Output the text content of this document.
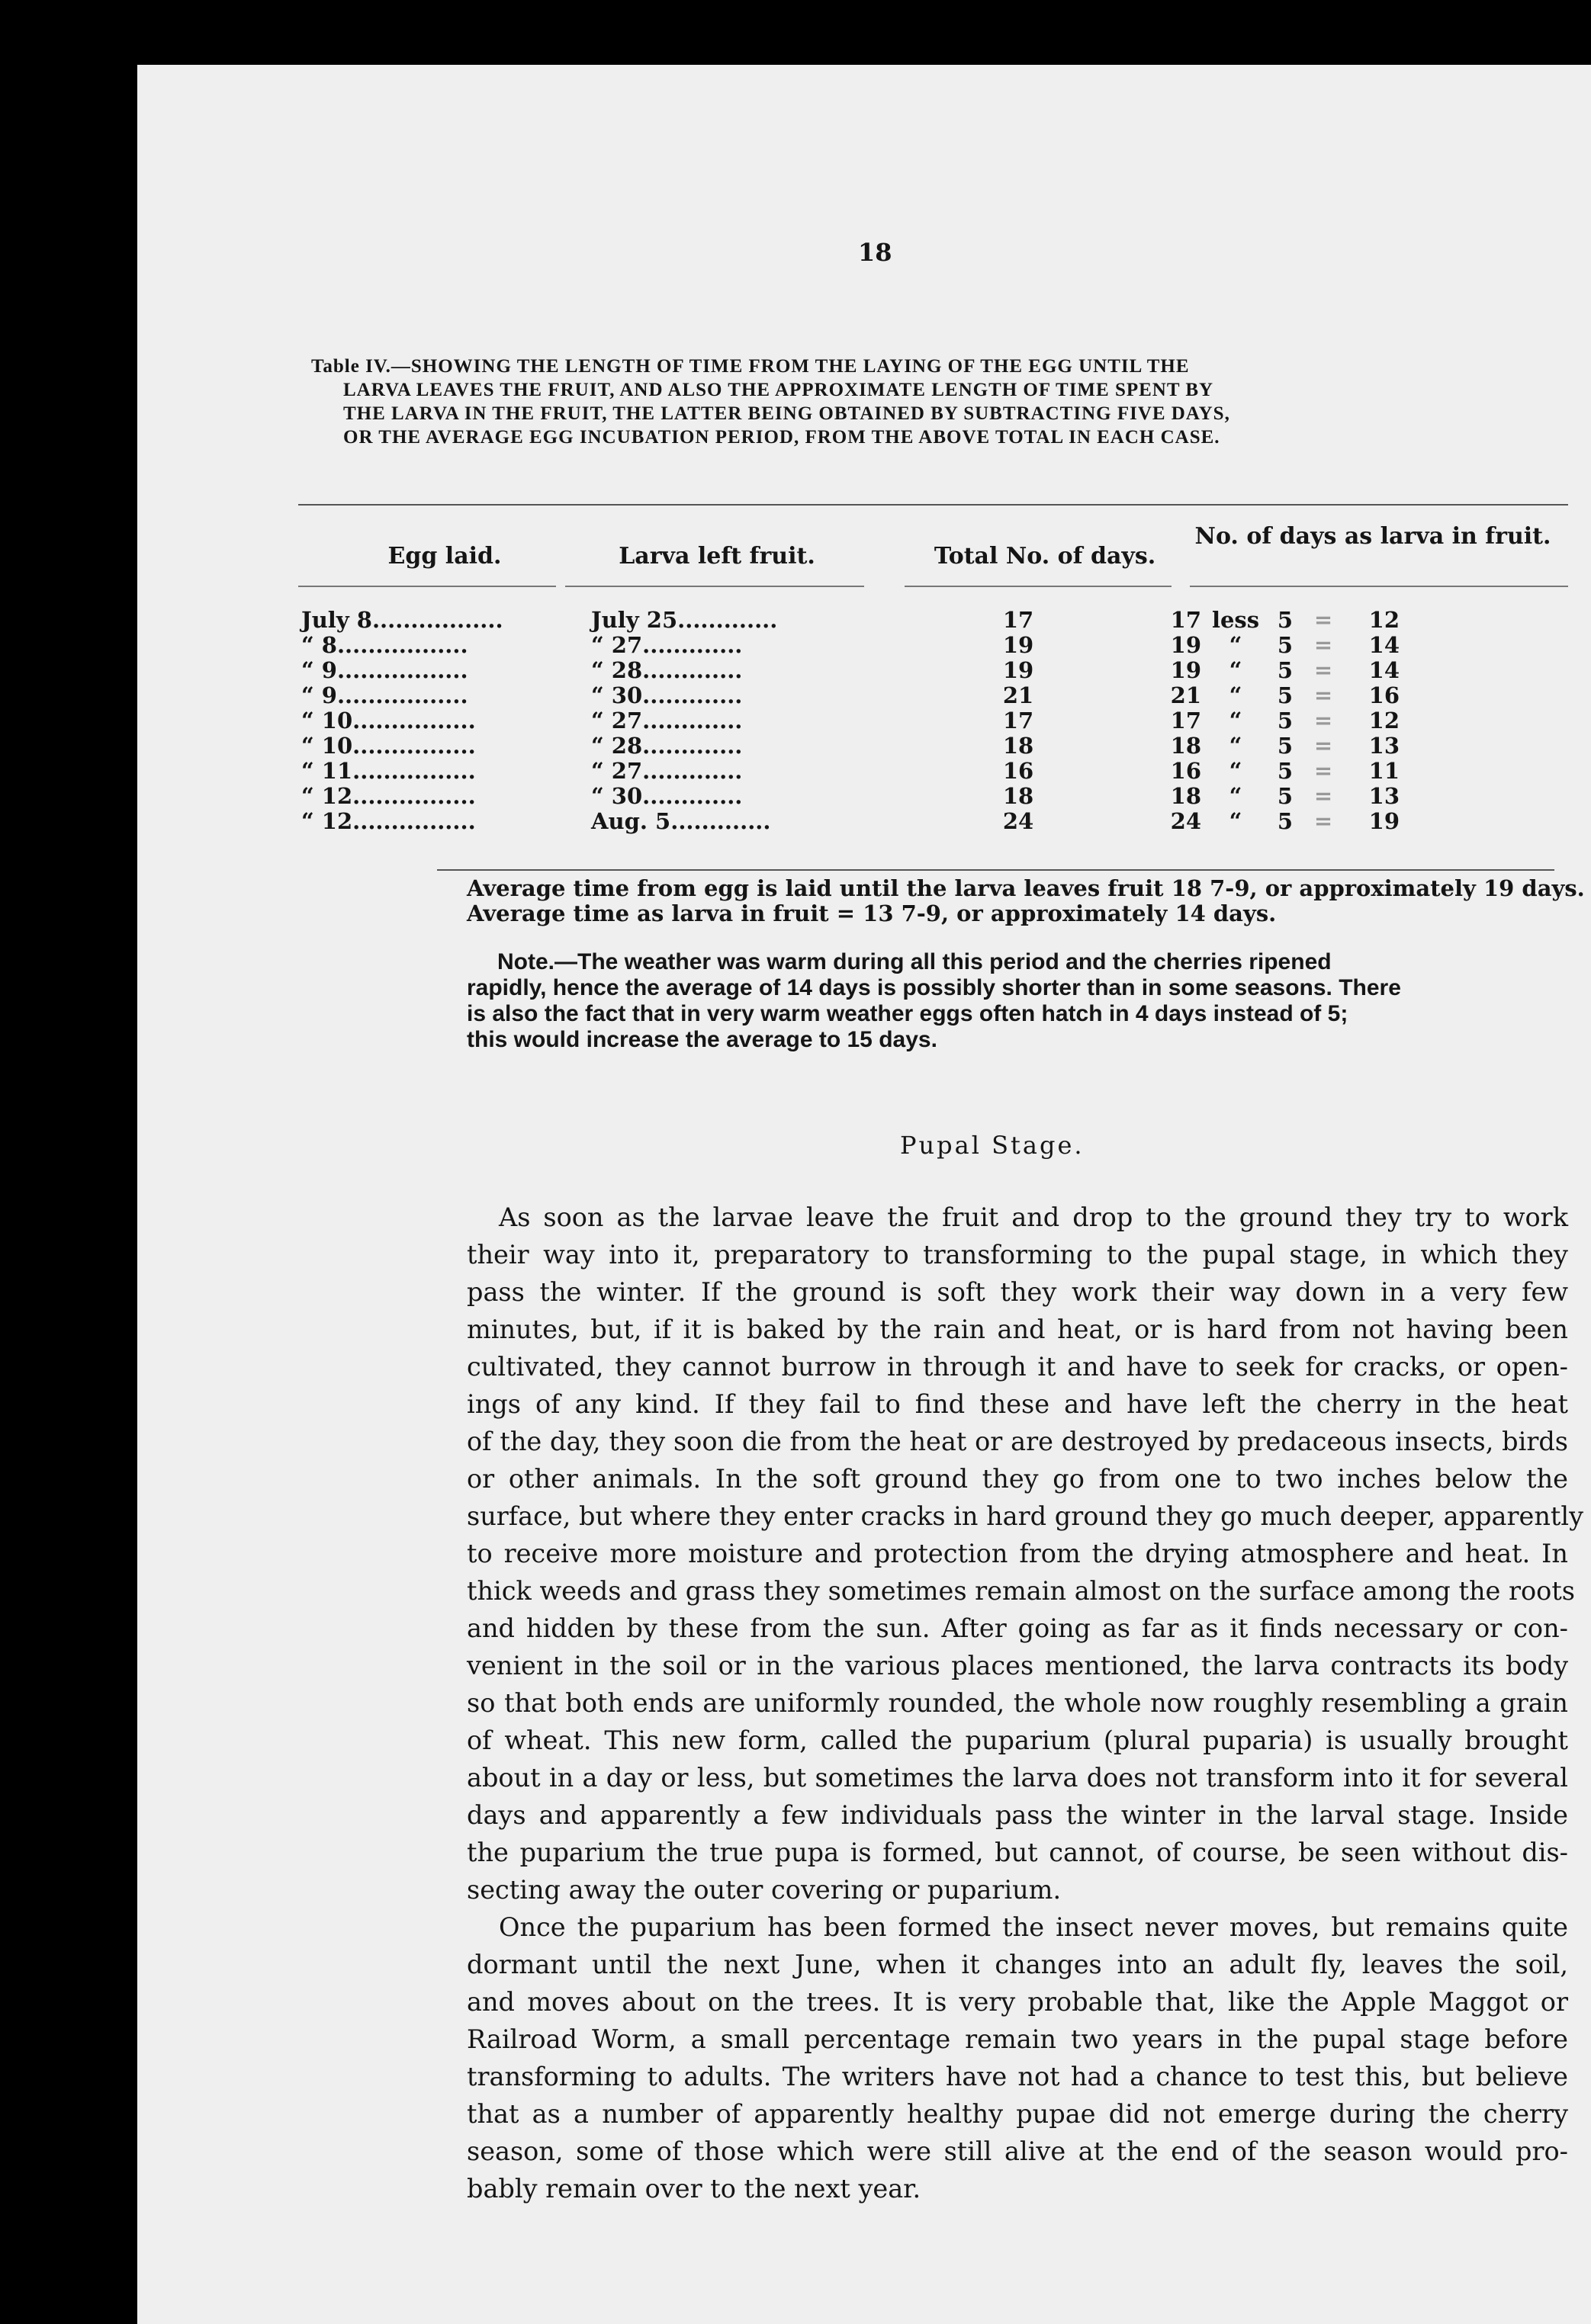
18
Table IV.—SHOWING THE LENGTH OF TIME FROM THE LAYING OF THE EGG UNTIL THE
LARVA LEAVES THE FRUIT, AND ALSO THE APPROXIMATE LENGTH OF TIME SPENT BY
THE LARVA IN THE FRUIT, THE LATTER BEING OBTAINED BY SUBTRACTING FIVE DAYS,
OR THE AVERAGE EGG INCUBATION PERIOD, FROM THE ABOVE TOTAL IN EACH CASE.
Egg laid.	Larva left fruit.	Total No. of days.
No. of days as larva in fruit.
July 8.................	July 25.............	17	17	less	5	=	12
“ 8.................	“ 27.............	19	19	“	5	=	14
“ 9.................	“ 28.............	19	19	“	5	=	14
“ 9.................	“ 30.............	21	21	“	5	=	16
“ 10................	“ 27.............	17	17	“	5	=	12
“ 10................	“ 28.............	18	18	“	5	=	13
“ 11................	“ 27.............	16	16	“	5	=	11
“ 12................	“ 30.............	18	18	“	5	=	13
“ 12................	Aug. 5.............	24	24	“	5	=	19
Average time from egg is laid until the larva leaves fruit 18 7-9, or approximately 19 days.
Average time as larva in fruit = 13 7-9, or approximately 14 days.
Note.—The weather was warm during all this period and the cherries ripened
rapidly, hence the average of 14 days is possibly shorter than in some seasons. There
is also the fact that in very warm weather eggs often hatch in 4 days instead of 5;
this would increase the average to 15 days.
Pupal Stage.

As soon as the larvae leave the fruit and drop to the ground they try to work
their way into it, preparatory to transforming to the pupal stage, in which they
pass the winter. If the ground is soft they work their way down in a very few
minutes, but, if it is baked by the rain and heat, or is hard from not having been
cultivated, they cannot burrow in through it and have to seek for cracks, or open-
ings of any kind. If they fail to find these and have left the cherry in the heat
of the day, they soon die from the heat or are destroyed by predaceous insects, birds
or other animals. In the soft ground they go from one to two inches below the
surface, but where they enter cracks in hard ground they go much deeper, apparently
to receive more moisture and protection from the drying atmosphere and heat. In
thick weeds and grass they sometimes remain almost on the surface among the roots
and hidden by these from the sun. After going as far as it finds necessary or con-
venient in the soil or in the various places mentioned, the larva contracts its body
so that both ends are uniformly rounded, the whole now roughly resembling a grain
of wheat. This new form, called the puparium (plural puparia) is usually brought
about in a day or less, but sometimes the larva does not transform into it for several
days and apparently a few individuals pass the winter in the larval stage. Inside
the puparium the true pupa is formed, but cannot, of course, be seen without dis-
secting away the outer covering or puparium.

Once the puparium has been formed the insect never moves, but remains quite
dormant until the next June, when it changes into an adult fly, leaves the soil,
and moves about on the trees. It is very probable that, like the Apple Maggot or
Railroad Worm, a small percentage remain two years in the pupal stage before
transforming to adults. The writers have not had a chance to test this, but believe
that as a number of apparently healthy pupae did not emerge during the cherry
season, some of those which were still alive at the end of the season would pro-
bably remain over to the next year.
